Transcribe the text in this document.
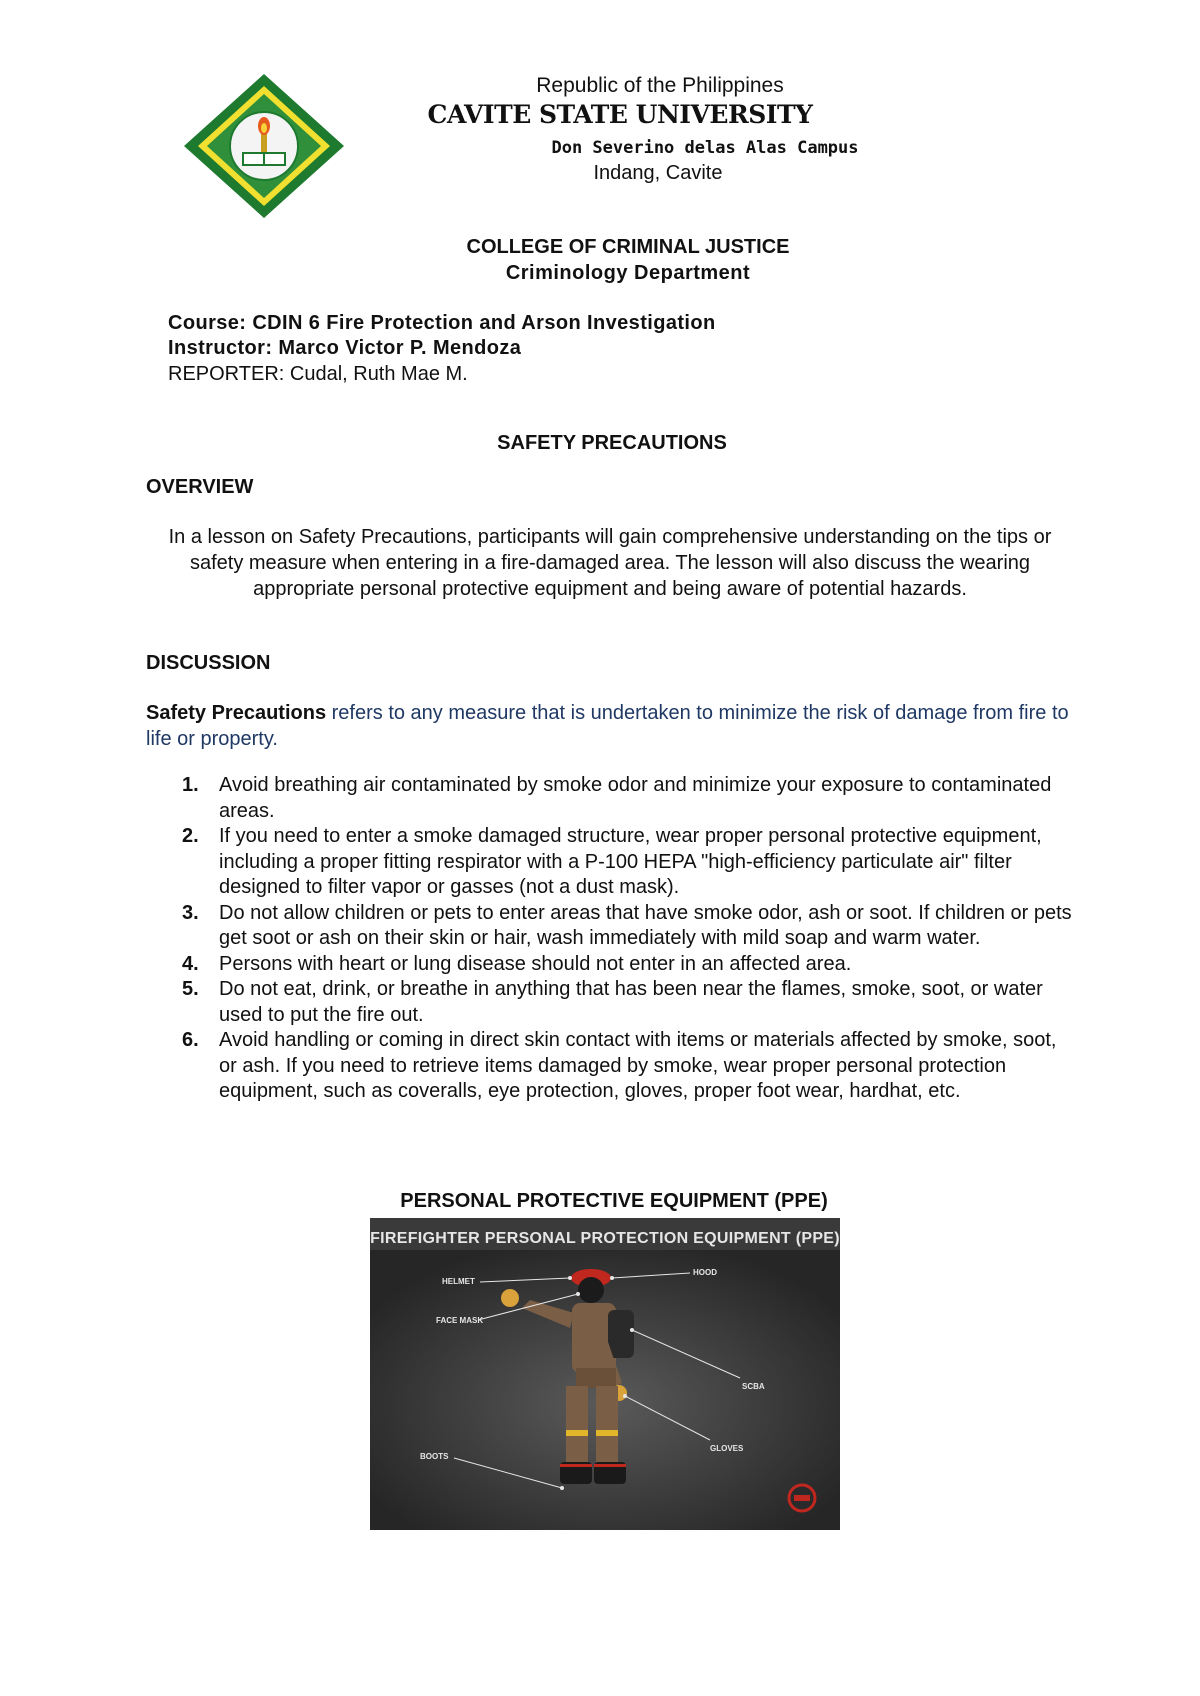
Republic of the Philippines
CAVITE STATE UNIVERSITY
Don Severino delas Alas Campus
Indang, Cavite
COLLEGE OF CRIMINAL JUSTICE
Criminology Department
Course: CDIN 6 Fire Protection and Arson Investigation
Instructor: Marco Victor P. Mendoza
REPORTER: Cudal, Ruth Mae M.
SAFETY PRECAUTIONS
OVERVIEW
In a lesson on Safety Precautions, participants will gain comprehensive understanding on the tips or safety measure when entering in a fire-damaged area. The lesson will also discuss the wearing appropriate personal protective equipment and being aware of potential hazards.
DISCUSSION
Safety Precautions refers to any measure that is undertaken to minimize the risk of damage from fire to life or property.
1. Avoid breathing air contaminated by smoke odor and minimize your exposure to contaminated areas.
2. If you need to enter a smoke damaged structure, wear proper personal protective equipment, including a proper fitting respirator with a P-100 HEPA "high-efficiency particulate air" filter designed to filter vapor or gasses (not a dust mask).
3. Do not allow children or pets to enter areas that have smoke odor, ash or soot. If children or pets get soot or ash on their skin or hair, wash immediately with mild soap and warm water.
4. Persons with heart or lung disease should not enter in an affected area.
5. Do not eat, drink, or breathe in anything that has been near the flames, smoke, soot, or water used to put the fire out.
6. Avoid handling or coming in direct skin contact with items or materials affected by smoke, soot, or ash. If you need to retrieve items damaged by smoke, wear proper personal protection equipment, such as coveralls, eye protection, gloves, proper foot wear, hardhat, etc.
PERSONAL PROTECTIVE EQUIPMENT (PPE)
FIREFIGHTER PERSONAL PROTECTION EQUIPMENT (PPE)
HELMET
HOOD
FACE MASK
SCBA
GLOVES
BOOTS
